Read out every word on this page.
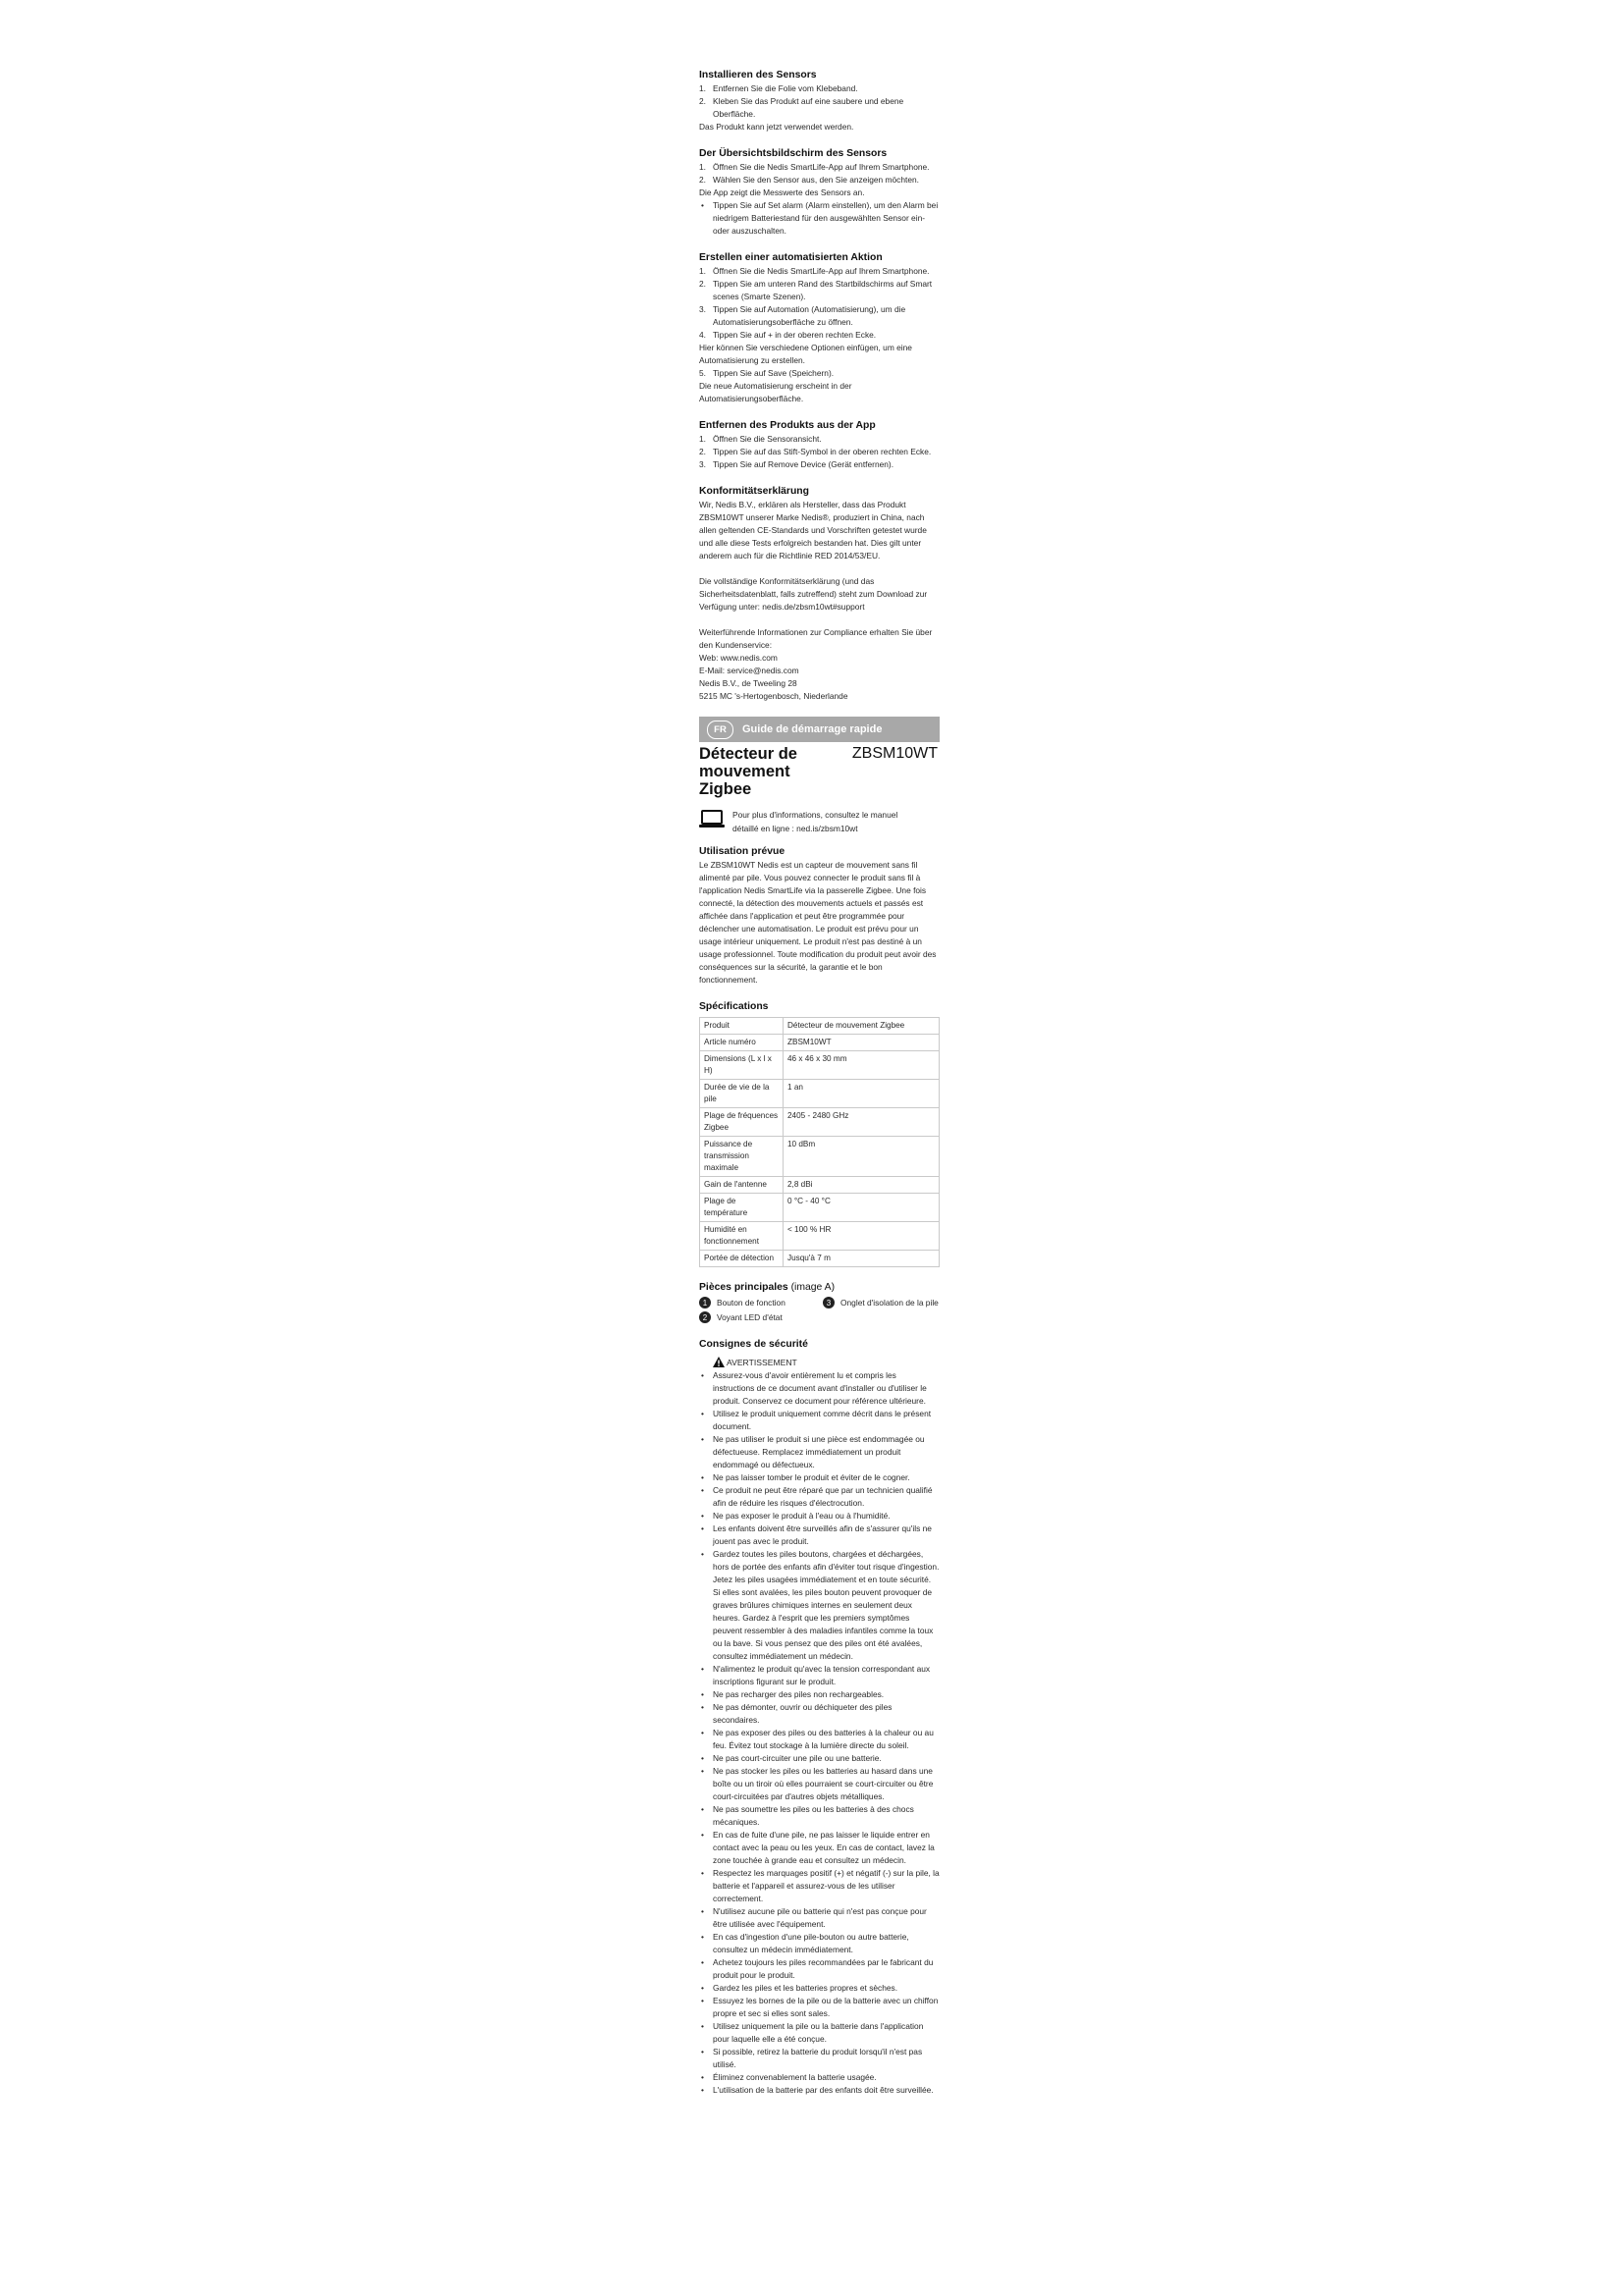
Installieren des Sensors
1. Entfernen Sie die Folie vom Klebeband.
2. Kleben Sie das Produkt auf eine saubere und ebene Oberfläche.

Das Produkt kann jetzt verwendet werden.

Der Übersichtsbildschirm des Sensors
1. Öffnen Sie die Nedis SmartLife-App auf Ihrem Smartphone.
2. Wählen Sie den Sensor aus, den Sie anzeigen möchten.

Die App zeigt die Messwerte des Sensors an.

• Tippen Sie auf Set alarm (Alarm einstellen), um den Alarm bei niedrigem Batteriestand für den ausgewählten Sensor ein- oder auszuschalten.
Erstellen einer automatisierten Aktion
1. Öffnen Sie die Nedis SmartLife-App auf Ihrem Smartphone.
2. Tippen Sie am unteren Rand des Startbildschirms auf Smart scenes (Smarte Szenen).
3. Tippen Sie auf Automation (Automatisierung), um die Automatisierungsoberfläche zu öffnen.
4. Tippen Sie auf + in der oberen rechten Ecke.

Hier können Sie verschiedene Optionen einfügen, um eine Automatisierung zu erstellen.

5. Tippen Sie auf Save (Speichern).

Die neue Automatisierung erscheint in der Automatisierungsoberfläche.

Entfernen des Produkts aus der App
1. Öffnen Sie die Sensoransicht.
2. Tippen Sie auf das Stift-Symbol in der oberen rechten Ecke.
3. Tippen Sie auf Remove Device (Gerät entfernen).
Konformitätserklärung

Wir, Nedis B.V., erklären als Hersteller, dass das Produkt ZBSM10WT unserer Marke Nedis®, produziert in China, nach allen geltenden CE-Standards und Vorschriften getestet wurde und alle diese Tests erfolgreich bestanden hat. Dies gilt unter anderem auch für die Richtlinie RED 2014/53/EU.

Die vollständige Konformitätserklärung (und das Sicherheitsdatenblatt, falls zutreffend) steht zum Download zur Verfügung unter: nedis.de/zbsm10wt#support

Weiterführende Informationen zur Compliance erhalten Sie über den Kundenservice:

Web: www.nedis.com

E-Mail: service@nedis.com

Nedis B.V., de Tweeling 28

5215 MC 's-Hertogenbosch, Niederlande

FR	Guide de démarrage rapide
Détecteur de mouvement Zigbee
ZBSM10WT

Pour plus d'informations, consultez le manuel

détaillé en ligne : ned.is/zbsm10wt

Utilisation prévue

Le ZBSM10WT Nedis est un capteur de mouvement sans fil alimenté par pile. Vous pouvez connecter le produit sans fil à l'application Nedis SmartLife via la passerelle Zigbee. Une fois connecté, la détection des mouvements actuels et passés est affichée dans l'application et peut être programmée pour déclencher une automatisation. Le produit est prévu pour un usage intérieur uniquement. Le produit n'est pas destiné à un usage professionnel. Toute modification du produit peut avoir des conséquences sur la sécurité, la garantie et le bon fonctionnement.

Spécifications
Produit	Détecteur de mouvement Zigbee
Article numéro	ZBSM10WT
Dimensions (L x l x H)	46 x 46 x 30 mm
Durée de vie de la pile	1 an
Plage de fréquences Zigbee	2405 - 2480 GHz
Puissance de transmission maximale	10 dBm
Gain de l'antenne	2,8 dBi
Plage de température	0 °C - 40 °C
Humidité en fonctionnement	< 100 % HR
Portée de détection	Jusqu'à 7 m
Pièces principales (image A)
1	Bouton de fonction	3	Onglet d'isolation de la pile
2	Voyant LED d'état
Consignes de sécurité
AVERTISSEMENT
• Assurez-vous d'avoir entièrement lu et compris les instructions de ce document avant d'installer ou d'utiliser le produit. Conservez ce document pour référence ultérieure.
• Utilisez le produit uniquement comme décrit dans le présent document.
• Ne pas utiliser le produit si une pièce est endommagée ou défectueuse. Remplacez immédiatement un produit endommagé ou défectueux.
• Ne pas laisser tomber le produit et éviter de le cogner.
• Ce produit ne peut être réparé que par un technicien qualifié afin de réduire les risques d'électrocution.
• Ne pas exposer le produit à l'eau ou à l'humidité.
• Les enfants doivent être surveillés afin de s'assurer qu'ils ne jouent pas avec le produit.
• Gardez toutes les piles boutons, chargées et déchargées, hors de portée des enfants afin d'éviter tout risque d'ingestion. Jetez les piles usagées immédiatement et en toute sécurité. Si elles sont avalées, les piles bouton peuvent provoquer de graves brûlures chimiques internes en seulement deux heures. Gardez à l'esprit que les premiers symptômes peuvent ressembler à des maladies infantiles comme la toux ou la bave. Si vous pensez que des piles ont été avalées, consultez immédiatement un médecin.
• N'alimentez le produit qu'avec la tension correspondant aux inscriptions figurant sur le produit.
• Ne pas recharger des piles non rechargeables.
• Ne pas démonter, ouvrir ou déchiqueter des piles secondaires.
• Ne pas exposer des piles ou des batteries à la chaleur ou au feu. Évitez tout stockage à la lumière directe du soleil.
• Ne pas court-circuiter une pile ou une batterie.
• Ne pas stocker les piles ou les batteries au hasard dans une boîte ou un tiroir où elles pourraient se court-circuiter ou être court-circuitées par d'autres objets métalliques.
• Ne pas soumettre les piles ou les batteries à des chocs mécaniques.
• En cas de fuite d'une pile, ne pas laisser le liquide entrer en contact avec la peau ou les yeux. En cas de contact, lavez la zone touchée à grande eau et consultez un médecin.
• Respectez les marquages positif (+) et négatif (-) sur la pile, la batterie et l'appareil et assurez-vous de les utiliser correctement.
• N'utilisez aucune pile ou batterie qui n'est pas conçue pour être utilisée avec l'équipement.
• En cas d'ingestion d'une pile-bouton ou autre batterie, consultez un médecin immédiatement.
• Achetez toujours les piles recommandées par le fabricant du produit pour le produit.
• Gardez les piles et les batteries propres et sèches.
• Essuyez les bornes de la pile ou de la batterie avec un chiffon propre et sec si elles sont sales.
• Utilisez uniquement la pile ou la batterie dans l'application pour laquelle elle a été conçue.
• Si possible, retirez la batterie du produit lorsqu'il n'est pas utilisé.
• Éliminez convenablement la batterie usagée.
• L'utilisation de la batterie par des enfants doit être surveillée.
